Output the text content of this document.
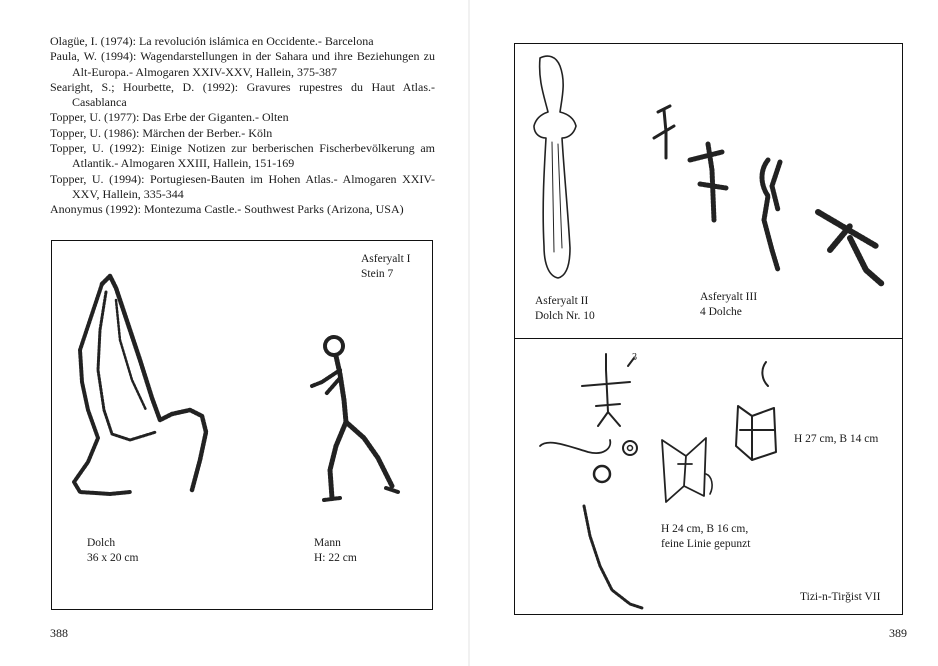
Olagüe, I. (1974): La revolución islámica en Occidente.- Barcelona
Paula, W. (1994): Wagendarstellungen in der Sahara und ihre Beziehungen zu Alt-Europa.- Almogaren XXIV-XXV, Hallein, 375-387
Searight, S.; Hourbette, D. (1992): Gravures rupestres du Haut Atlas.- Casablanca
Topper, U. (1977): Das Erbe der Giganten.- Olten
Topper, U. (1986): Märchen der Berber.- Köln
Topper, U. (1992): Einige Notizen zur berberischen Fischerbevölkerung am Atlantik.- Almogaren XXIII, Hallein, 151-169
Topper, U. (1994): Portugiesen-Bauten im Hohen Atlas.- Almogaren XXIV-XXV, Hallein, 335-344
Anonymus (1992): Montezuma Castle.- Southwest Parks (Arizona, USA)
Asferyalt I
Stein 7
Dolch
36 x 20 cm
Mann
H: 22 cm
388
Asferyalt II
Dolch Nr. 10
Asferyalt III
4 Dolche
3
H 27 cm, B 14 cm
H 24 cm, B 16 cm,
feine Linie gepunzt
Tizi-n-Tirğist VII
389
